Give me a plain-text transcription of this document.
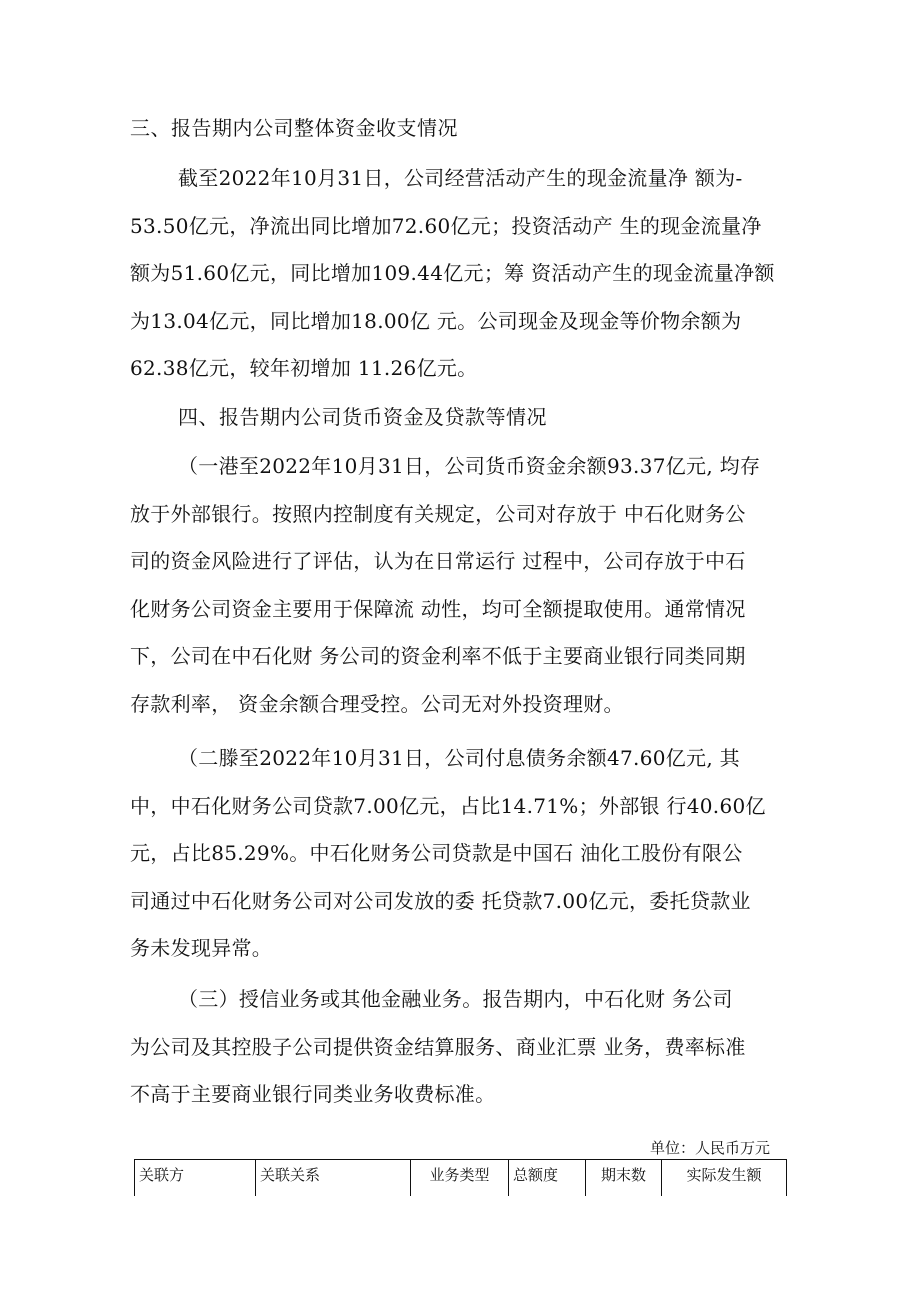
三、报告期内公司整体资金收支情况

截至2022年10月31日，公司经营活动产生的现金流量净 额为-
53.50亿元，净流出同比增加72.60亿元；投资活动产 生的现金流量净
额为51.60亿元，同比增加109.44亿元；筹 资活动产生的现金流量净额
为13.04亿元，同比增加18.00亿 元。公司现金及现金等价物余额为
62.38亿元，较年初增加 11.26亿元。

四、报告期内公司货币资金及贷款等情况

（一港至2022年10月31日，公司货币资金余额93.37亿元, 均存
放于外部银行。按照内控制度有关规定，公司对存放于 中石化财务公
司的资金风险进行了评估，认为在日常运行 过程中，公司存放于中石
化财务公司资金主要用于保障流 动性，均可全额提取使用。通常情况
下，公司在中石化财 务公司的资金利率不低于主要商业银行同类同期
存款利率， 资金余额合理受控。公司无对外投资理财。
（二滕至2022年10月31日，公司付息债务余额47.60亿元, 其
中，中石化财务公司贷款7.00亿元，占比14.71%；外部银 行40.60亿
元，占比85.29%。中石化财务公司贷款是中国石 油化工股份有限公
司通过中石化财务公司对公司发放的委 托贷款7.00亿元，委托贷款业
务未发现异常。
（三）授信业务或其他金融业务。报告期内，中石化财 务公司
为公司及其控股子公司提供资金结算服务、商业汇票 业务，费率标准
不高于主要商业银行同类业务收费标准。
单位：人民币万元
关联方	关联关系	业务类型	总额度	期末数	实际发生额
